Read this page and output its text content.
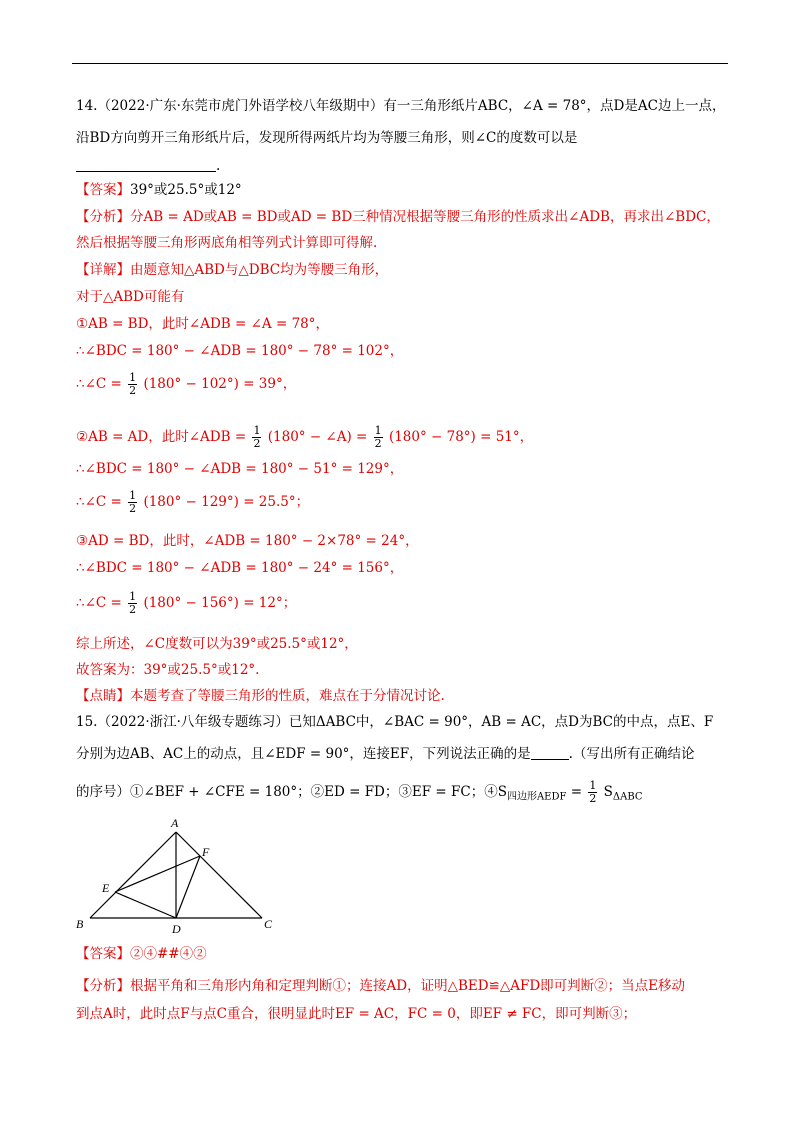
14.（2022·广东·东莞市虎门外语学校八年级期中）有一三角形纸片ABC，∠A = 78°，点D是AC边上一点，
沿BD方向剪开三角形纸片后，发现所得两纸片均为等腰三角形，则∠C的度数可以是
.
【答案】39°或25.5°或12°
【分析】分AB = AD或AB = BD或AD = BD三种情况根据等腰三角形的性质求出∠ADB，再求出∠BDC，
然后根据等腰三角形两底角相等列式计算即可得解.
【详解】由题意知△ABD与△DBC均为等腰三角形，
对于△ABD可能有
①AB = BD，此时∠ADB = ∠A = 78°，
∴∠BDC = 180° − ∠ADB = 180° − 78° = 102°，
∴∠C = $\frac{1}{2} (180^\circ - 102^\circ) = 39^\circ$，
②AB = AD，此时∠ADB = $\frac{1}{2} (180^\circ$ − ∠A) = $\frac{1}{2} (180^\circ - 78^\circ) = 51^\circ$，
∴∠BDC = 180° − ∠ADB = 180° − 51° = 129°，
∴∠C = $\frac{1}{2} (180^\circ - 129^\circ) = 25.5^\circ$；
③AD = BD，此时，∠ADB = 180° − 2×78° = 24°，
∴∠BDC = 180° − ∠ADB = 180° − 24° = 156°，
∴∠C = $\frac{1}{2} (180^\circ - 156^\circ) = 12^\circ$；
综上所述，∠C度数可以为39°或25.5°或12°，
故答案为：39°或25.5°或12°.
【点睛】本题考查了等腰三角形的性质，难点在于分情况讨论.
15.（2022·浙江·八年级专题练习）已知ΔABC中，∠BAC = 90°，AB = AC，点D为BC的中点，点E、F
分别为边AB、AC上的动点，且∠EDF = 90°，连接EF，下列说法正确的是	.（写出所有正确结论
的序号）①∠BEF + ∠CFE = 180°；②ED = FD；③EF = FC；$④S_{四边形AEDF} = \frac{1}{2} S_{\Delta ABC}$
A
B	C
D
E
F
【答案】②④##④②
【分析】根据平角和三角形内角和定理判断①；连接AD，证明△BED≌△AFD即可判断②；当点E移动
到点A时，此时点F与点C重合，很明显此时EF = AC，FC = 0，即EF ≠ FC，即可判断③；
